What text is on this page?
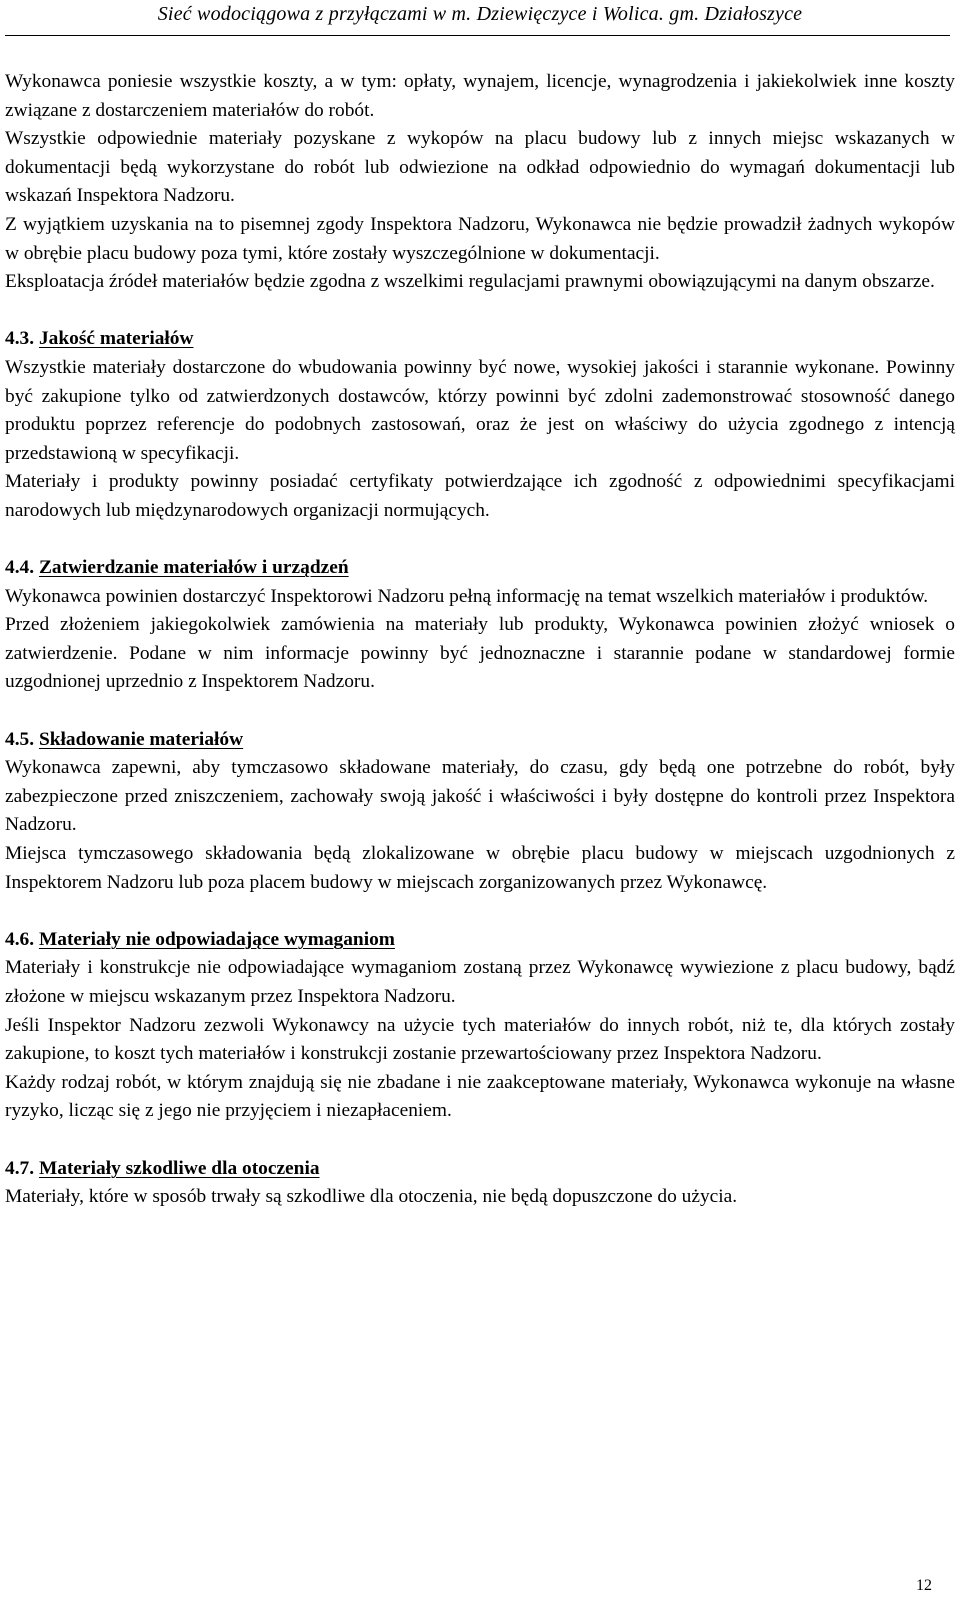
Sieć wodociągowa z przyłączami w m. Dziewięczyce i Wolica. gm. Działoszyce

Wykonawca poniesie wszystkie koszty, a w tym: opłaty, wynajem, licencje, wynagrodzenia i jakiekolwiek inne koszty związane z dostarczeniem materiałów do robót.

Wszystkie odpowiednie materiały pozyskane z wykopów na placu budowy lub z innych miejsc wskazanych w dokumentacji będą wykorzystane do robót lub odwiezione na odkład odpowiednio do wymagań dokumentacji lub wskazań Inspektora Nadzoru.

Z wyjątkiem uzyskania na to pisemnej zgody Inspektora Nadzoru, Wykonawca nie będzie prowadził żadnych wykopów w obrębie placu budowy poza tymi, które zostały wyszczególnione w dokumentacji.

Eksploatacja źródeł materiałów będzie zgodna z wszelkimi regulacjami prawnymi obowiązującymi na danym obszarze.

4.3. Jakość materiałów

Wszystkie materiały dostarczone do wbudowania powinny być nowe, wysokiej jakości i starannie wykonane. Powinny być zakupione tylko od zatwierdzonych dostawców, którzy powinni być zdolni zademonstrować stosowność danego produktu poprzez referencje do podobnych zastosowań, oraz że jest on właściwy do użycia zgodnego z intencją przedstawioną w specyfikacji.

Materiały i produkty powinny posiadać certyfikaty potwierdzające ich zgodność z odpowiednimi specyfikacjami narodowych lub międzynarodowych organizacji normujących.

4.4. Zatwierdzanie materiałów i urządzeń

Wykonawca powinien dostarczyć Inspektorowi Nadzoru pełną informację na temat wszelkich materiałów i produktów.

Przed złożeniem jakiegokolwiek zamówienia na materiały lub produkty, Wykonawca powinien złożyć wniosek o zatwierdzenie. Podane w nim informacje powinny być jednoznaczne i starannie podane w standardowej formie uzgodnionej uprzednio z Inspektorem Nadzoru.

4.5. Składowanie materiałów

Wykonawca zapewni, aby tymczasowo składowane materiały, do czasu, gdy będą one potrzebne do robót, były zabezpieczone przed zniszczeniem, zachowały swoją jakość i właściwości i były dostępne do kontroli przez Inspektora Nadzoru.

Miejsca tymczasowego składowania będą zlokalizowane w obrębie placu budowy w miejscach uzgodnionych z Inspektorem Nadzoru lub poza placem budowy w miejscach zorganizowanych przez Wykonawcę.

4.6. Materiały nie odpowiadające wymaganiom

Materiały i konstrukcje nie odpowiadające wymaganiom zostaną przez Wykonawcę wywiezione z placu budowy, bądź złożone w miejscu wskazanym przez Inspektora Nadzoru.

Jeśli Inspektor Nadzoru zezwoli Wykonawcy na użycie tych materiałów do innych robót, niż te, dla których zostały zakupione, to koszt tych materiałów i konstrukcji zostanie przewartościowany przez Inspektora Nadzoru.

Każdy rodzaj robót, w którym znajdują się nie zbadane i nie zaakceptowane materiały, Wykonawca wykonuje na własne ryzyko, licząc się z jego nie przyjęciem i niezapłaceniem.

4.7. Materiały szkodliwe dla otoczenia

Materiały, które w sposób trwały są szkodliwe dla otoczenia, nie będą dopuszczone do użycia.

12
